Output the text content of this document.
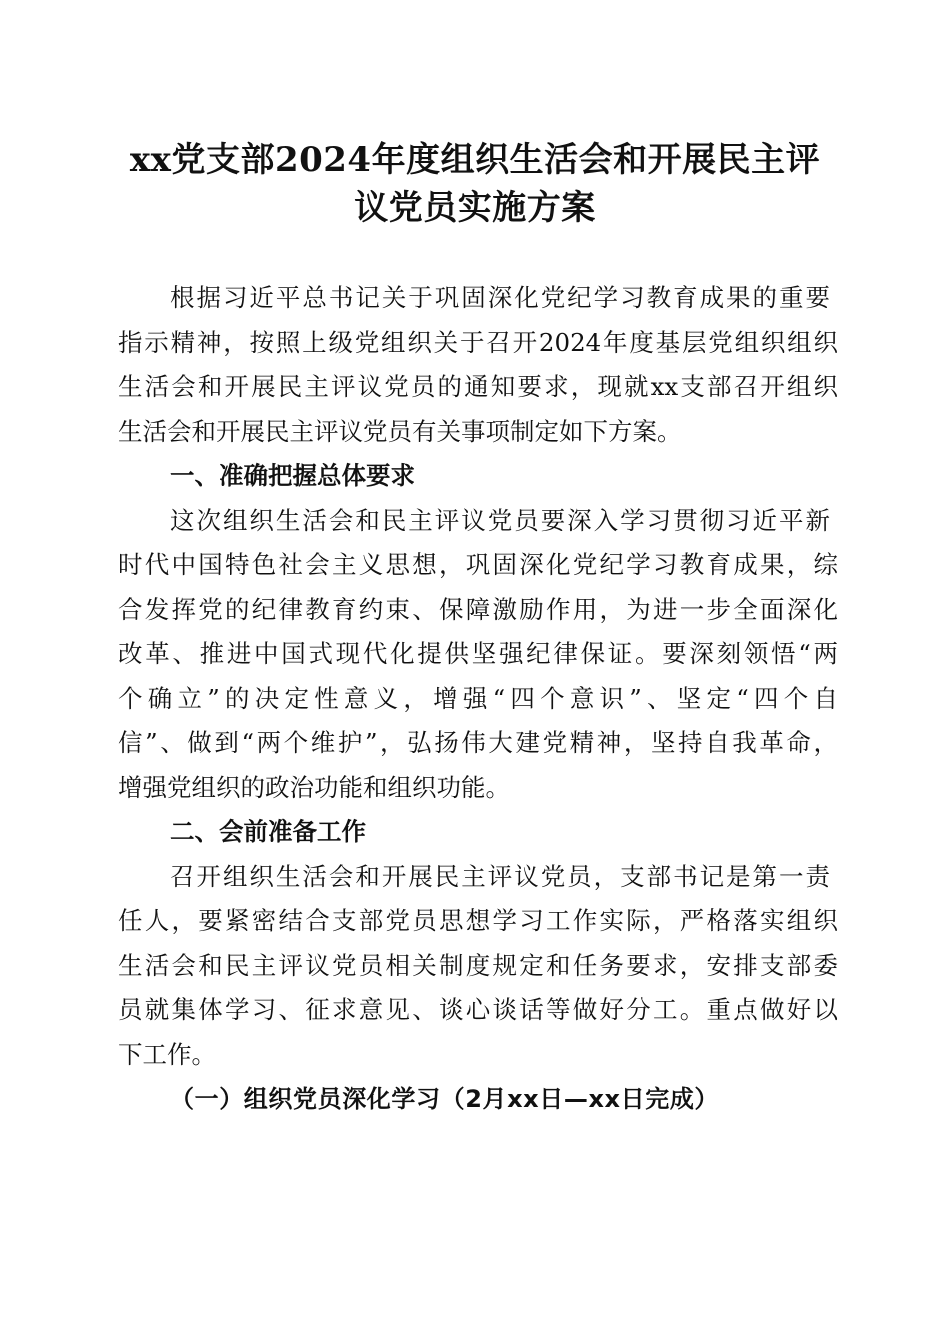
xx党支部2024年度组织生活会和开展民主评
议党员实施方案

根据习近平总书记关于巩固深化党纪学习教育成果的重要

指示精神，按照上级党组织关于召开2024年度基层党组织组织

生活会和开展民主评议党员的通知要求，现就xx支部召开组织

生活会和开展民主评议党员有关事项制定如下方案。

一、准确把握总体要求

这次组织生活会和民主评议党员要深入学习贯彻习近平新

时代中国特色社会主义思想，巩固深化党纪学习教育成果，综

合发挥党的纪律教育约束、保障激励作用，为进一步全面深化

改革、推进中国式现代化提供坚强纪律保证。要深刻领悟“两

个确立”的决定性意义，增强“四个意识”、坚定“四个自

信”、做到“两个维护”，弘扬伟大建党精神，坚持自我革命，

增强党组织的政治功能和组织功能。

二、会前准备工作

召开组织生活会和开展民主评议党员，支部书记是第一责

任人，要紧密结合支部党员思想学习工作实际，严格落实组织

生活会和民主评议党员相关制度规定和任务要求，安排支部委

员就集体学习、征求意见、谈心谈话等做好分工。重点做好以

下工作。

（一）组织党员深化学习（2月xx日—xx日完成）
